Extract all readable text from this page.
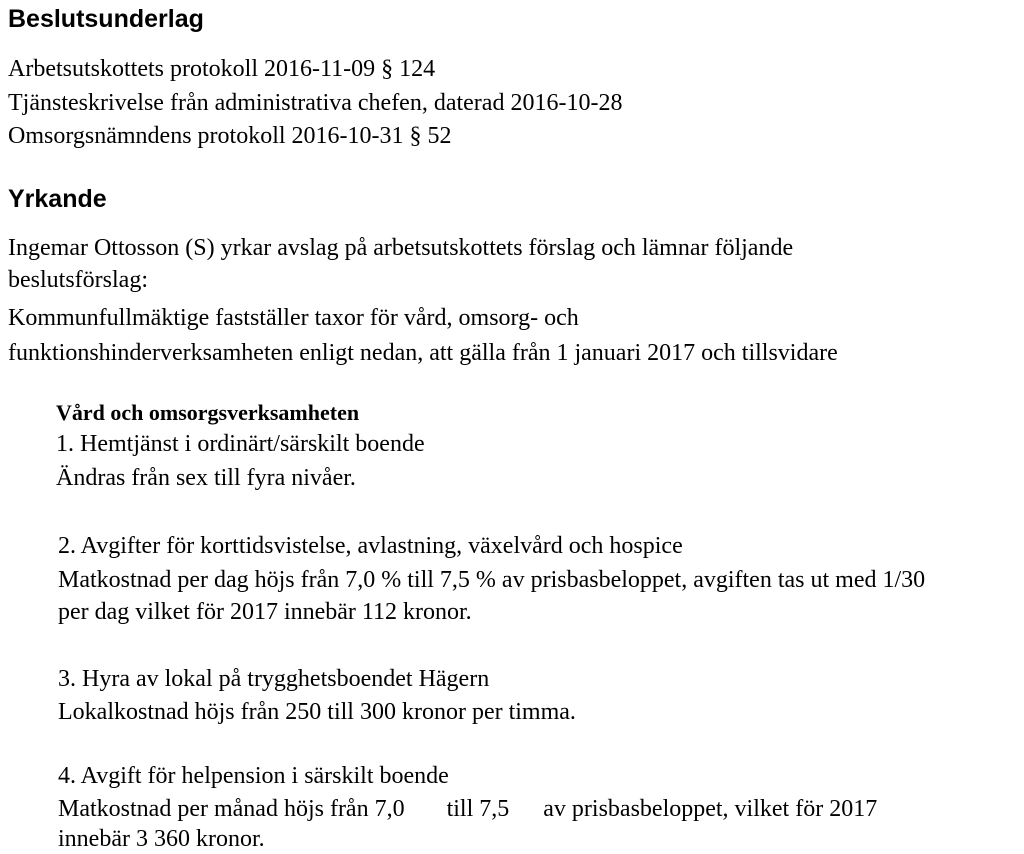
Beslutsunderlag

Arbetsutskottets protokoll 2016-11-09 § 124

Tjänsteskrivelse från administrativa chefen, daterad 2016-10-28

Omsorgsnämndens protokoll 2016-10-31 § 52

Yrkande

Ingemar Ottosson (S) yrkar avslag på arbetsutskottets förslag och lämnar följande

beslutsförslag:

Kommunfullmäktige fastställer taxor för vård, omsorg- och

funktionshinderverksamheten enligt nedan, att gälla från 1 januari 2017 och tillsvidare

Vård och omsorgsverksamheten

1. Hemtjänst i ordinärt/särskilt boende

Ändras från sex till fyra nivåer.

2. Avgifter för korttidsvistelse, avlastning, växelvård och hospice

Matkostnad per dag höjs från 7,0 % till 7,5 % av prisbasbeloppet, avgiften tas ut med 1/30

per dag vilket för 2017 innebär 112 kronor.

3. Hyra av lokal på trygghetsboendet Hägern

Lokalkostnad höjs från 250 till 300 kronor per timma.

4. Avgift för helpension i särskilt boende

Matkostnad per månad höjs från 7,0 till 7,5 av prisbasbeloppet, vilket för 2017

innebär 3 360 kronor.
